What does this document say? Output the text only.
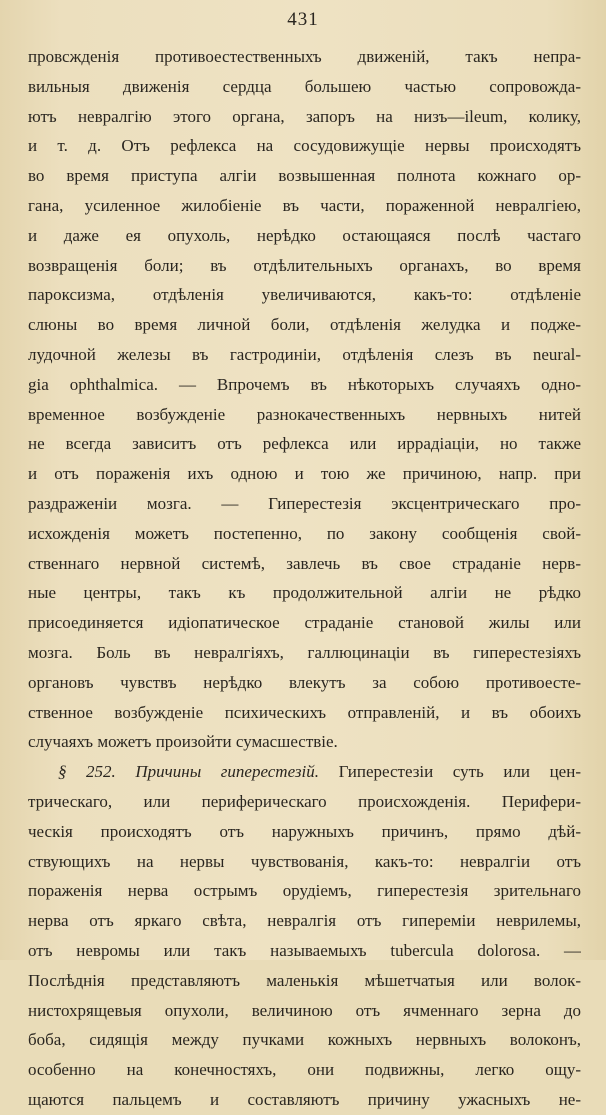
431
провсжденія противоестественныхъ движеній, такъ непра-
вильныя движенія сердца большею частью сопровожда-
ютъ невралгію этого органа, запоръ на низъ—ileum, колику,
и т. д. Отъ рефлекса на сосудовижущіе нервы происходятъ
во время приступа алгіи возвышенная полнота кожнаго ор-
гана, усиленное жилобіеніе въ части, пораженной невралгіею,
и даже ея опухоль, нерѣдко остающаяся послѣ частаго
возвращенія боли; въ отдѣлительныхъ органахъ, во время
пароксизма, отдѣленія увеличиваются, какъ-то: отдѣленіе
слюны во время личной боли, отдѣленія желудка и подже-
лудочной железы въ гастродиніи, отдѣленія слезъ въ neural-
gia ophthalmica. — Впрочемъ въ нѣкоторыхъ случаяхъ одно-
временное возбужденіе разнокачественныхъ нервныхъ нитей
не всегда зависитъ отъ рефлекса или иррадіаціи, но также
и отъ пораженія ихъ одною и тою же причиною, напр. при
раздраженіи мозга. — Гиперестезія эксцентрическаго про-
исхожденія можетъ постепенно, по закону сообщенія свой-
ственнаго нервной системѣ, завлечь въ свое страданіе нерв-
ные центры, такъ къ продолжительной алгіи не рѣдко
присоединяется идіопатическое страданіе становой жилы или
мозга. Боль въ невралгіяхъ, галлюцинаціи въ гиперестезіяхъ
органовъ чувствъ нерѣдко влекутъ за собою противоесте-
ственное возбужденіе психическихъ отправленій, и въ обоихъ
случаяхъ можетъ произойти сумасшествіе.
§ 252. Причины гиперестезій. Гиперестезіи суть или цен-
трическаго, или периферическаго происхожденія. Перифери-
ческія происходятъ отъ наружныхъ причинъ, прямо дѣй-
ствующихъ на нервы чувствованія, какъ-то: невралгіи отъ
пораженія нерва острымъ орудіемъ, гиперестезія зрительнаго
нерва отъ яркаго свѣта, невралгія отъ гипереміи неврилемы,
отъ невромы или такъ называемыхъ tubercula dolorosa. —
Послѣднія представляютъ маленькія мѣшетчатыя или волок-
нистохрящевыя опухоли, величиною отъ ячменнаго зерна до
боба, сидящія между пучками кожныхъ нервныхъ волоконъ,
особенно на конечностяхъ, они подвижны, легко ощу-
щаются пальцемъ и составляютъ причину ужасныхъ не-
